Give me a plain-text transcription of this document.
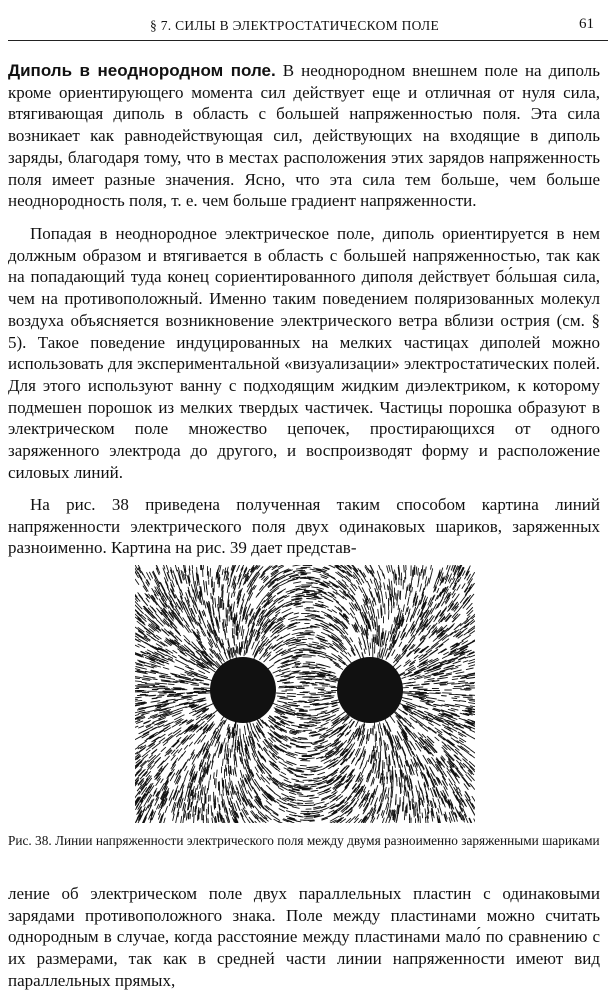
§ 7. СИЛЫ В ЭЛЕКТРОСТАТИЧЕСКОМ ПОЛЕ	61

Диполь в неоднородном поле. В неоднородном внешнем поле на диполь кроме ориентирующего момента сил действует еще и отличная от нуля сила, втягивающая диполь в область с большей напряженностью поля. Эта сила возникает как равнодействующая сил, действующих на входящие в диполь заряды, благодаря тому, что в местах расположения этих зарядов напряженность поля имеет разные значения. Ясно, что эта сила тем больше, чем больше неоднородность поля, т. е. чем больше градиент напряженности.

Попадая в неоднородное электрическое поле, диполь ориентируется в нем должным образом и втягивается в область с большей напряженностью, так как на попадающий туда конец сориентированного диполя действует бо́льшая сила, чем на противоположный. Именно таким поведением поляризованных молекул воздуха объясняется возникновение электрического ветра вблизи острия (см. § 5). Такое поведение индуцированных на мелких частицах диполей можно использовать для экспериментальной «визуализации» электростатических полей. Для этого используют ванну с подходящим жидким диэлектриком, к которому подмешен порошок из мелких твердых частичек. Частицы порошка образуют в электрическом поле множество цепочек, простирающихся от одного заряженного электрода до другого, и воспроизводят форму и расположение силовых линий.

На рис. 38 приведена полученная таким способом картина линий напряженности электрического поля двух одинаковых шариков, заряженных разноименно. Картина на рис. 39 дает представ-

Рис. 38. Линии напряженности электрического поля между двумя разноименно заряженными шариками

ление об электрическом поле двух параллельных пластин с одинаковыми зарядами противоположного знака. Поле между пластинами можно считать однородным в случае, когда расстояние между пластинами мало́ по сравнению с их размерами, так как в средней части линии напряженности имеют вид параллельных прямых,
